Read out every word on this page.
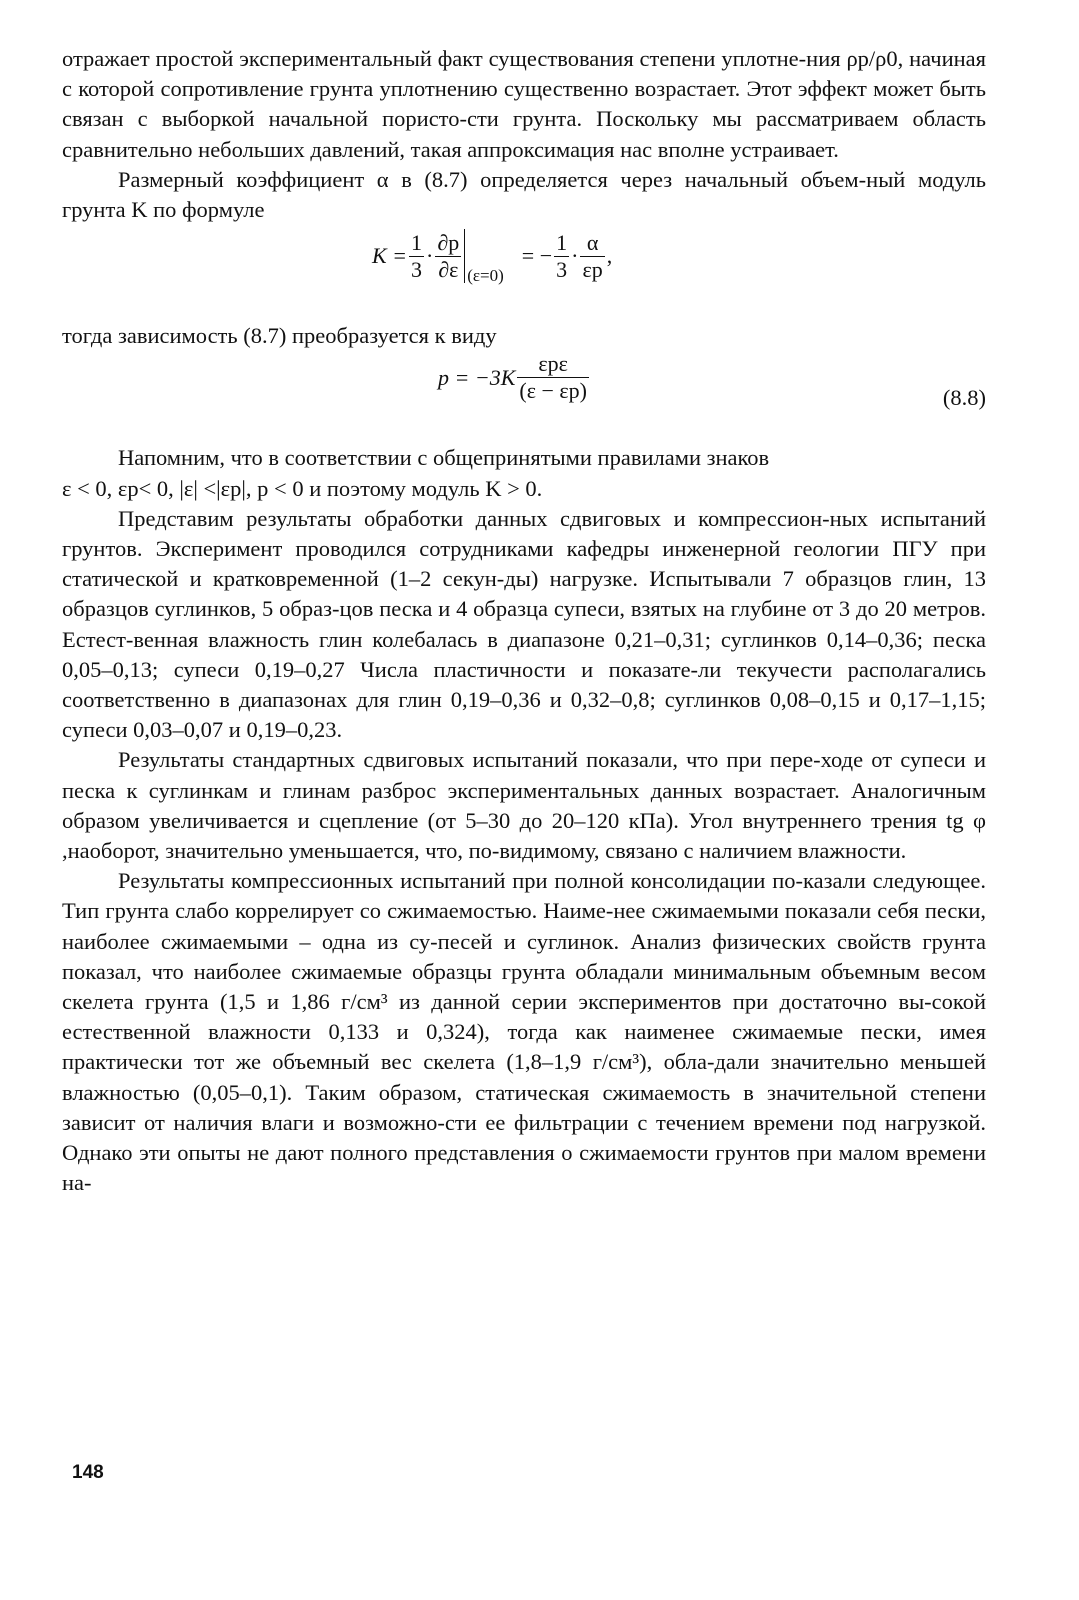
отражает простой экспериментальный факт существования степени уплотне-ния ρp/ρ0, начиная с которой сопротивление грунта уплотнению существенно возрастает. Этот эффект может быть связан с выборкой начальной пористо-сти грунта. Поскольку мы рассматриваем область сравнительно небольших давлений, такая аппроксимация нас вполне устраивает.

Размерный коэффициент α в (8.7) определяется через начальный объем-ный модуль грунта K по формуле

$K = \frac{1}{3} \cdot \frac{\partial p}{\partial\varepsilon} (\varepsilon=0)$
= − $\frac{1}{3} \cdot \frac{\alpha}{\varepsilon p}$ ,

тогда зависимость (8.7) преобразуется к виду

$p = -3K \frac{\text{εpε}}{(\varepsilon - \varepsilon p)}$	(8.8)

Напомним, что в соответствии с общепринятыми правилами знаков
ε < 0, εp< 0, |ε| <|εp|, p < 0 и поэтому модуль K > 0.

Представим результаты обработки данных сдвиговых и компрессион-ных испытаний грунтов. Эксперимент проводился сотрудниками кафедры инженерной геологии ПГУ при статической и кратковременной (1–2 секун-ды) нагрузке. Испытывали 7 образцов глин, 13 образцов суглинков, 5 образ-цов песка и 4 образца супеси, взятых на глубине от 3 до 20 метров. Естест-венная влажность глин колебалась в диапазоне 0,21–0,31; суглинков 0,14–0,36; песка 0,05–0,13; супеси 0,19–0,27 Числа пластичности и показате-ли текучести располагались соответственно в диапазонах для глин 0,19–0,36 и 0,32–0,8; суглинков 0,08–0,15 и 0,17–1,15; супеси 0,03–0,07 и 0,19–0,23.

Результаты стандартных сдвиговых испытаний показали, что при пере-ходе от супеси и песка к суглинкам и глинам разброс экспериментальных данных возрастает. Аналогичным образом увеличивается и сцепление (от 5–30 до 20–120 кПа). Угол внутреннего трения tg φ ,наоборот, значительно уменьшается, что, по-видимому, связано с наличием влажности.

Результаты компрессионных испытаний при полной консолидации по-казали следующее. Тип грунта слабо коррелирует со сжимаемостью. Наиме-нее сжимаемыми показали себя пески, наиболее сжимаемыми – одна из су-песей и суглинок. Анализ физических свойств грунта показал, что наиболее сжимаемые образцы грунта обладали минимальным объемным весом скелета грунта (1,5 и 1,86 г/см³ из данной серии экспериментов при достаточно вы-сокой естественной влажности 0,133 и 0,324), тогда как наименее сжимаемые пески, имея практически тот же объемный вес скелета (1,8–1,9 г/см³), обла-дали значительно меньшей влажностью (0,05–0,1). Таким образом, статическая сжимаемость в значительной степени зависит от наличия влаги и возможно-сти ее фильтрации с течением времени под нагрузкой. Однако эти опыты не дают полного представления о сжимаемости грунтов при малом времени на-

148
